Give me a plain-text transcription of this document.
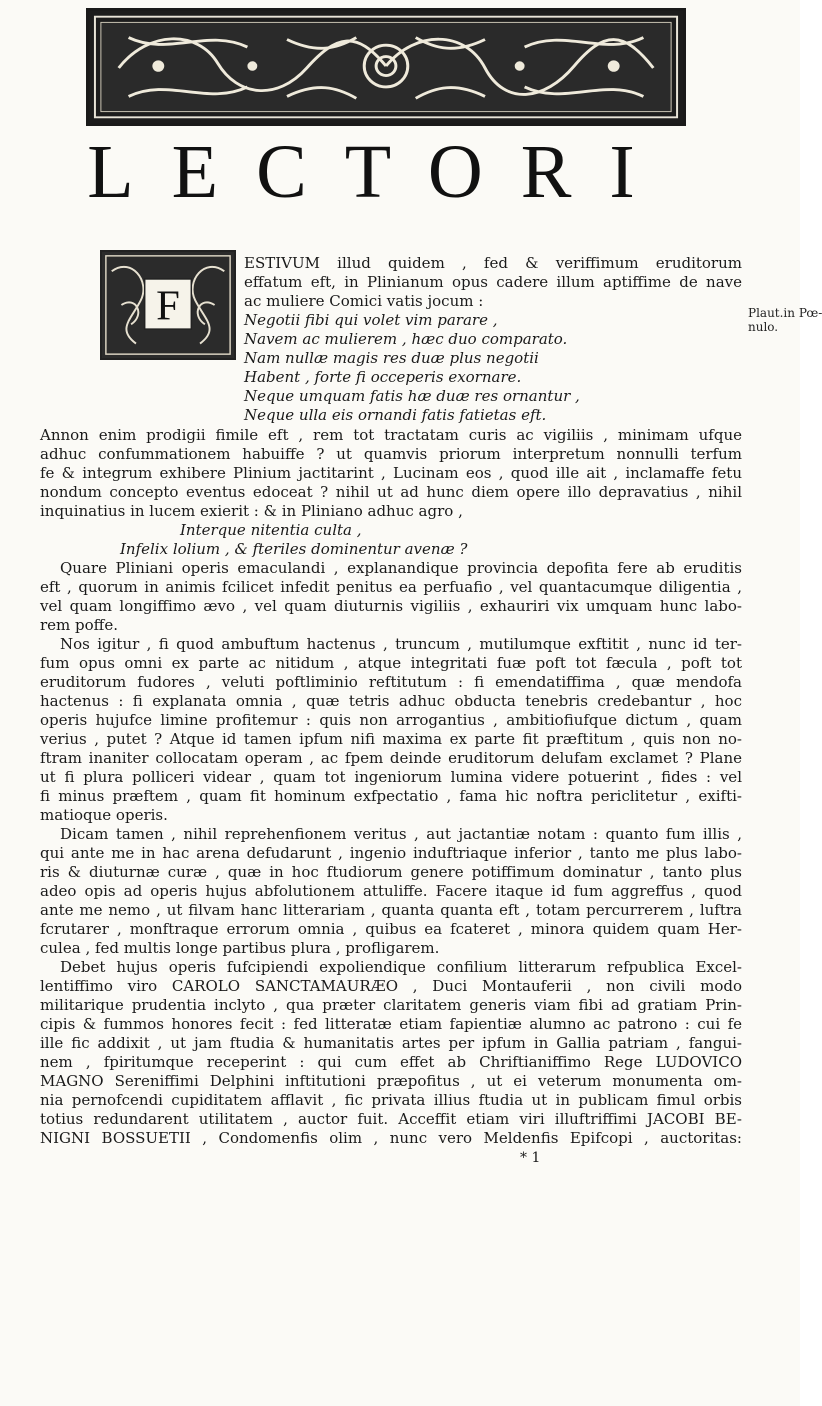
LECTORI
F	Plaut.in Pœ-
nulo.
ESTIVUM illud quidem , fed & veriffimum eruditorum
effatum eft, in Plinianum opus cadere illum aptiffime de nave
ac muliere Comici vatis jocum :
Negotii fibi qui volet vim parare ,
Navem ac mulierem , hæc duo comparato.
Nam nullæ magis res duæ plus negotii
Habent , forte fi occeperis exornare.
Neque umquam fatis hæ duæ res ornantur ,
Neque ulla eis ornandi fatis fatietas eft.
Annon enim prodigii fimile eft , rem tot tractatam curis ac vigiliis , minimam ufque
adhuc confummationem habuiffe ? ut quamvis priorum interpretum nonnulli terfum
fe & integrum exhibere Plinium jactitarint , Lucinam eos , quod ille ait , inclamaffe fetu
nondum concepto eventus edoceat ? nihil ut ad hunc diem opere illo depravatius , nihil
inquinatius in lucem exierit : & in Pliniano adhuc agro ,
Interque nitentia culta ,
Infelix lolium , & fteriles dominentur avenæ ?
Quare Pliniani operis emaculandi , explanandique provincia depofita fere ab eruditis
eft , quorum in animis fcilicet infedit penitus ea perfuafio , vel quantacumque diligentia ,
vel quam longiffimo ævo , vel quam diuturnis vigiliis , exhauriri vix umquam hunc labo-
rem poffe.
Nos igitur , fi quod ambuftum hactenus , truncum , mutilumque exftitit , nunc id ter-
fum opus omni ex parte ac nitidum , atque integritati fuæ poft tot fæcula , poft tot
eruditorum fudores , veluti poftliminio reftitutum : fi emendatiffima , quæ mendofa
hactenus : fi explanata omnia , quæ tetris adhuc obducta tenebris credebantur , hoc
operis hujufce limine profitemur : quis non arrogantius , ambitiofiufque dictum , quam
verius , putet ? Atque id tamen ipfum nifi maxima ex parte fit præftitum , quis non no-
ftram inaniter collocatam operam , ac fpem deinde eruditorum delufam exclamet ? Plane
ut fi plura polliceri videar , quam tot ingeniorum lumina videre potuerint , fides : vel
fi minus præftem , quam fit hominum exfpectatio , fama hic noftra periclitetur , exifti-
matioque operis.
Dicam tamen , nihil reprehenfionem veritus , aut jactantiæ notam : quanto fum illis ,
qui ante me in hac arena defudarunt , ingenio induftriaque inferior , tanto me plus labo-
ris & diuturnæ curæ , quæ in hoc ftudiorum genere potiffimum dominatur , tanto plus
adeo opis ad operis hujus abfolutionem attuliffe. Facere itaque id fum aggreffus , quod
ante me nemo , ut filvam hanc litterariam , quanta quanta eft , totam percurrerem , luftra
fcrutarer , monftraque errorum omnia , quibus ea fcateret , minora quidem quam Her-
culea , fed multis longe partibus plura , profligarem.
Debet hujus operis fufcipiendi expoliendique confilium litterarum refpublica Excel-
lentiffimo viro CAROLO SANCTAMAURÆO , Duci Montauferii , non civili modo
militarique prudentia inclyto , qua præter claritatem generis viam fibi ad gratiam Prin-
cipis & fummos honores fecit : fed litteratæ etiam fapientiæ alumno ac patrono : cui fe
ille fic addixit , ut jam ftudia & humanitatis artes per ipfum in Gallia patriam , fangui-
nem , fpiritumque receperint : qui cum effet ab Chriftianiffimo Rege LUDOVICO
MAGNO Sereniffimi Delphini inftitutioni præpofitus , ut ei veterum monumenta om-
nia pernofcendi cupiditatem afflavit , fic privata illius ftudia ut in publicam fimul orbis
totius redundarent utilitatem , auctor fuit. Acceffit etiam viri illuftriffimi JACOBI BE-
NIGNI BOSSUETII , Condomenfis olim , nunc vero Meldenfis Epifcopi , auctoritas:
* 1
